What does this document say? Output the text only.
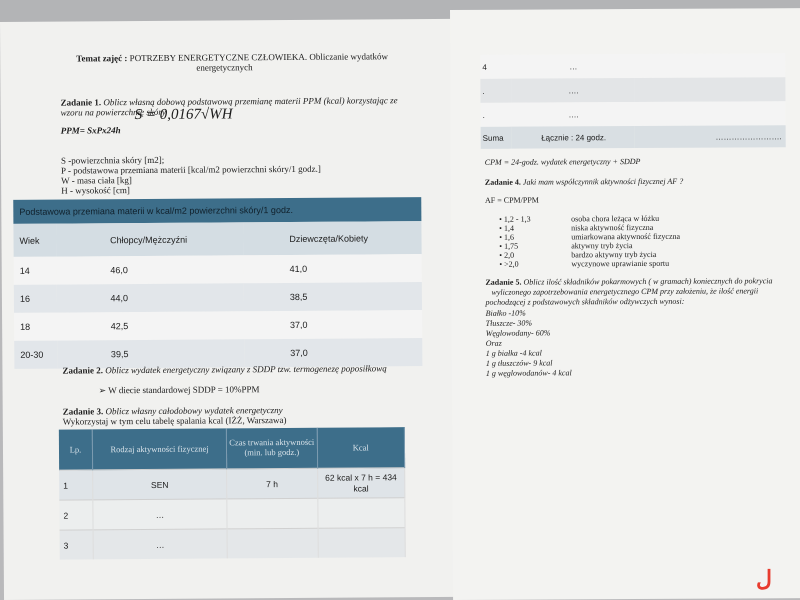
Temat zajęć : POTRZEBY ENERGETYCZNE CZŁOWIEKA. Obliczanie wydatków
energetycznych
Zadanie 1. Oblicz własną dobową podstawową przemianę materii PPM (kcal) korzystając ze
wzoru na powierzchnię skóry
S = 0,0167√WH
PPM= SxPx24h
S -powierzchnia skóry [m2];
P - podstawowa przemiana materii [kcal/m2 powierzchni skóry/1 godz.]
W - masa ciała [kg]
H - wysokość [cm]
Podstawowa przemiana materii w kcal/m2 powierzchni skóry/1 godz.		
Wiek	Chłopcy/Mężczyźni	Dziewczęta/Kobiety
14	46,0	41,0
16	44,0	38,5
18	42,5	37,0
20-30	39,5	37,0
Zadanie 2. Oblicz wydatek energetyczny związany z SDDP tzw. termogenezę poposiłkową
➢ W diecie standardowej SDDP = 10%PPM
Zadanie 3. Oblicz własny całodobowy wydatek energetyczny
Wykorzystaj w tym celu tabelę spalania kcal (IŻŻ, Warszawa)
Lp.	Rodzaj aktywności fizycznej	Czas trwania aktywności (min. lub godz.)	Kcal
1	SEN	7 h	62 kcal x 7 h = 434 kcal
2	…		
3	…		
4	…	
.	….	
.	….	
Suma	Łącznie : 24 godz.	…………………….
CPM = 24-godz. wydatek energetyczny + SDDP
Zadanie 4. Jaki mam współczynnik aktywności fizycznej AF ?
AF = CPM/PPM
• 1,2 - 1,3	osoba chora leżąca w łóżku
• 1,4	niska aktywność fizyczna
• 1,6	umiarkowana aktywność fizyczna
• 1,75	aktywny tryb życia
• 2,0	bardzo aktywny tryb życia
• >2,0	wyczynowe uprawianie sportu
Zadanie 5. Oblicz ilość składników pokarmowych ( w gramach) koniecznych do pokrycia
wyliczonego zapotrzebowania energetycznego CPM przy założeniu, że ilość energii
pochodzącej z podstawowych składników odżywczych wynosi:
Białko -10%
Tłuszcze- 30%
Węglowodany- 60%
Oraz
1 g białka -4 kcal
1 g tłuszczów- 9 kcal
1 g węglowodanów- 4 kcal
ل
